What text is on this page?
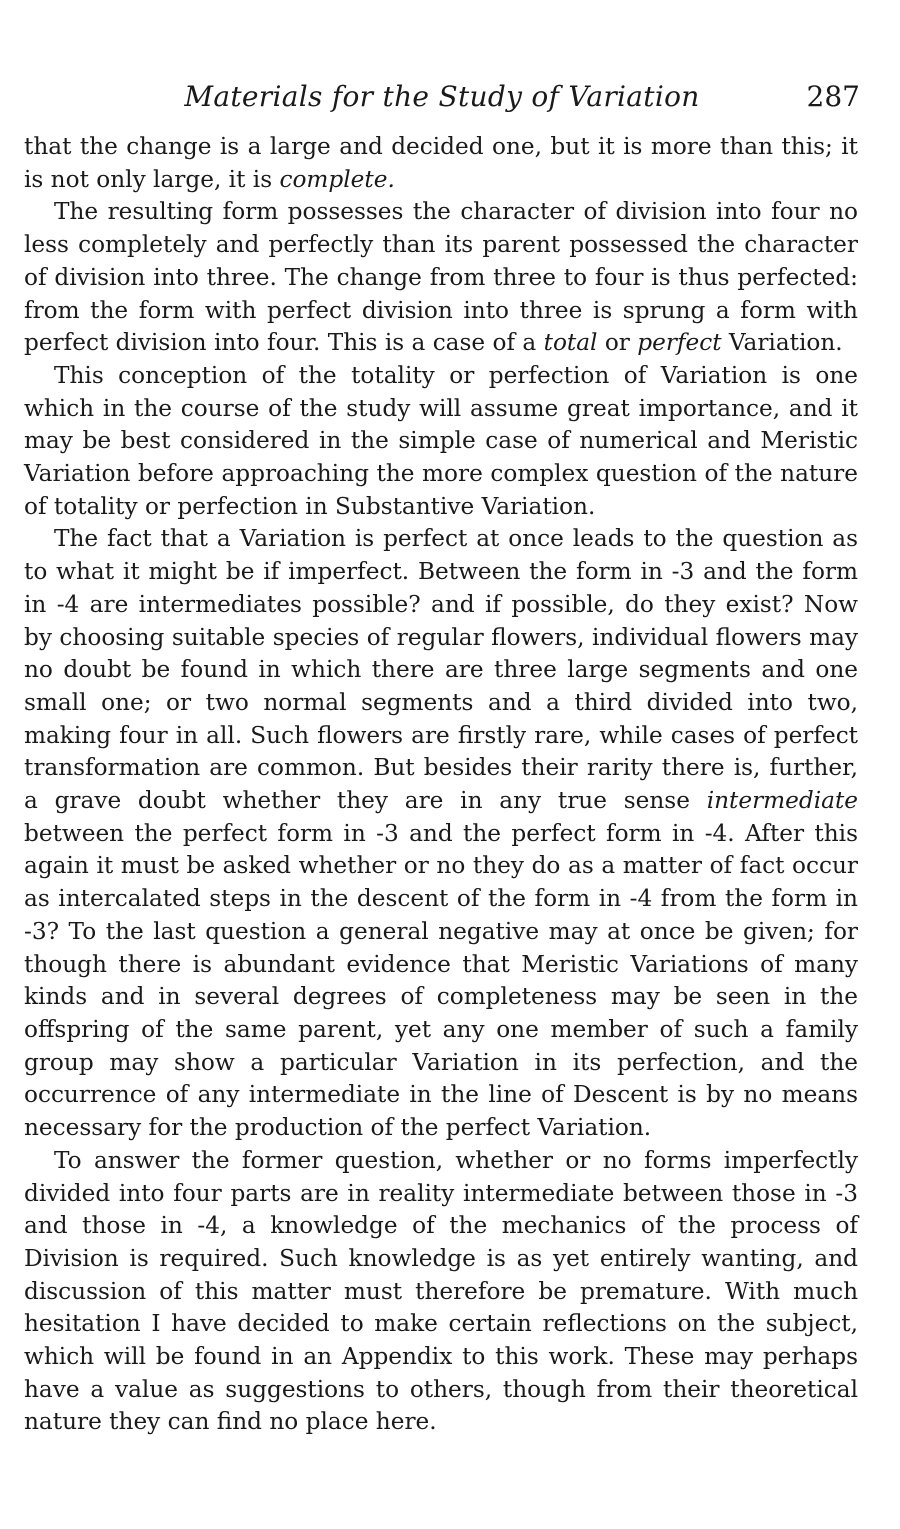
Materials for the Study of Variation	287

that the change is a large and decided one, but it is more than this; it is not only large, it is complete.

The resulting form possesses the character of division into four no less completely and perfectly than its parent possessed the character of division into three. The change from three to four is thus perfected: from the form with perfect division into three is sprung a form with perfect division into four. This is a case of a total or perfect Variation.

This conception of the totality or perfection of Variation is one which in the course of the study will assume great importance, and it may be best considered in the simple case of numerical and Meristic Variation before approaching the more complex question of the nature of totality or perfection in Substantive Variation.

The fact that a Variation is perfect at once leads to the question as to what it might be if imperfect. Between the form in -3 and the form in -4 are intermediates possible? and if possible, do they exist? Now by choosing suitable species of regular flowers, individual flowers may no doubt be found in which there are three large segments and one small one; or two normal segments and a third divided into two, making four in all. Such flowers are firstly rare, while cases of perfect transformation are common. But besides their rarity there is, further, a grave doubt whether they are in any true sense intermediate between the perfect form in -3 and the perfect form in -4. After this again it must be asked whether or no they do as a matter of fact occur as intercalated steps in the descent of the form in -4 from the form in -3? To the last question a general negative may at once be given; for though there is abundant evidence that Meristic Variations of many kinds and in several degrees of completeness may be seen in the offspring of the same parent, yet any one member of such a family group may show a particular Variation in its perfection, and the occurrence of any intermediate in the line of Descent is by no means necessary for the production of the perfect Variation.

To answer the former question, whether or no forms imperfectly divided into four parts are in reality intermediate between those in -3 and those in -4, a knowledge of the mechanics of the process of Division is required. Such knowledge is as yet entirely wanting, and discussion of this matter must therefore be premature. With much hesitation I have decided to make certain reflections on the subject, which will be found in an Appendix to this work. These may perhaps have a value as suggestions to others, though from their theoretical nature they can find no place here.
